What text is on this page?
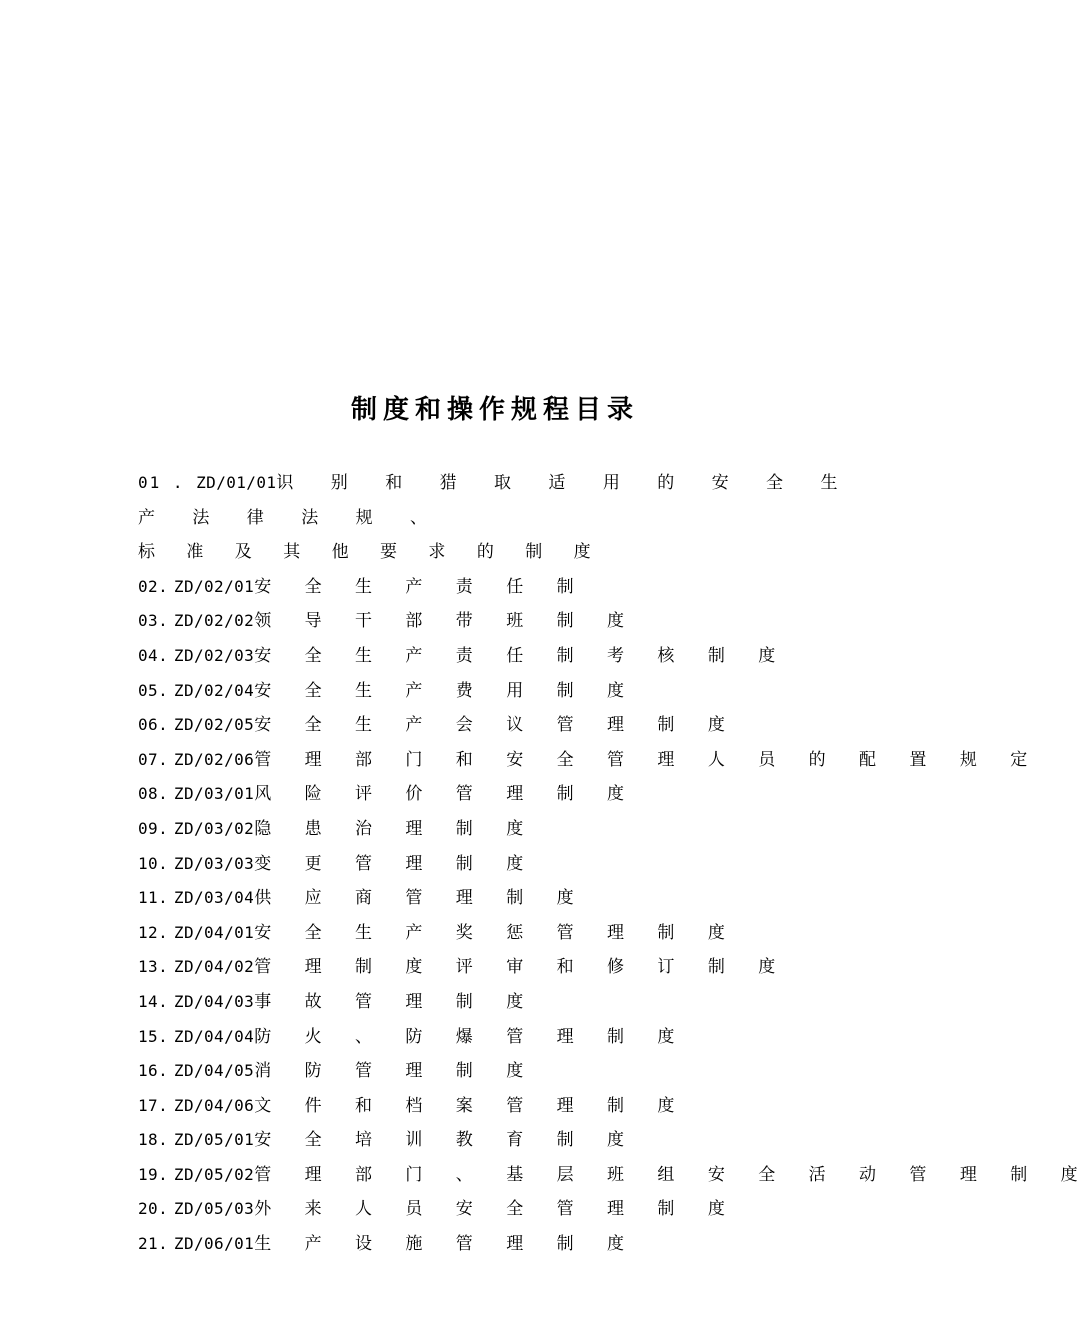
制度和操作规程目录
01 . ZD/01/01识 别 和 猎 取 适 用 的 安 全 生 产 法 律 法 规 、
标 准 及 其 他 要 求 的 制 度
02. ZD/02/01安 全 生 产 责 任 制
03. ZD/02/02领 导 干 部 带 班 制 度
04. ZD/02/03安 全 生 产 责 任 制 考 核 制 度
05. ZD/02/04安 全 生 产 费 用 制 度
06. ZD/02/05安 全 生 产 会 议 管 理 制 度
07. ZD/02/06管 理 部 门 和 安 全 管 理 人 员 的 配 置 规 定
08. ZD/03/01风 险 评 价 管 理 制 度
09. ZD/03/02隐 患 治 理 制 度
10. ZD/03/03变 更 管 理 制 度
11. ZD/03/04供 应 商 管 理 制 度
12. ZD/04/01安 全 生 产 奖 惩 管 理 制 度
13. ZD/04/02管 理 制 度 评 审 和 修 订 制 度
14. ZD/04/03事 故 管 理 制 度
15. ZD/04/04防 火 、 防 爆 管 理 制 度
16. ZD/04/05消 防 管 理 制 度
17. ZD/04/06文 件 和 档 案 管 理 制 度
18. ZD/05/01安 全 培 训 教 育 制 度
19. ZD/05/02管 理 部 门 、 基 层 班 组 安 全 活 动 管 理 制 度
20. ZD/05/03外 来 人 员 安 全 管 理 制 度
21. ZD/06/01生 产 设 施 管 理 制 度
